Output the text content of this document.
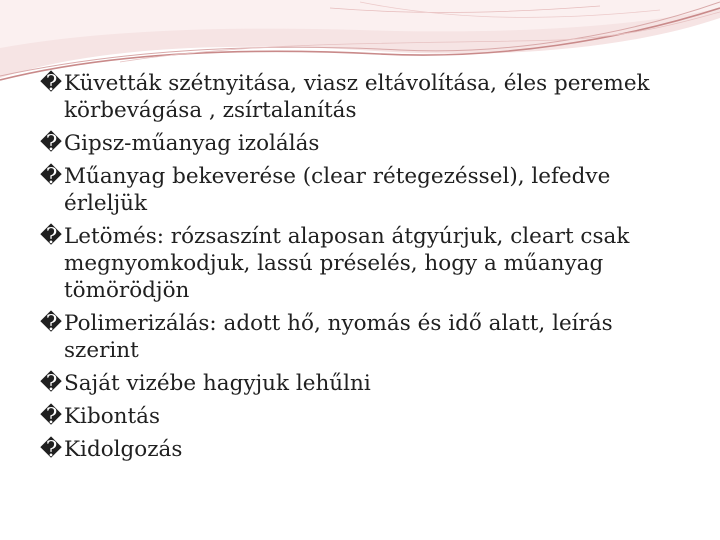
� Küvetták szétnyitása, viasz eltávolítása, éles peremek körbevágása , zsírtalanítás
� Gipsz-műanyag izolálás
� Műanyag bekeverése (clear rétegezéssel), lefedve érleljük
� Letömés: rózsaszínt alaposan átgyúrjuk, cleart csak megnyomkodjuk, lassú préselés, hogy a műanyag tömörödjön
� Polimerizálás: adott hő, nyomás és idő alatt, leírás szerint
� Saját vizébe hagyjuk lehűlni
� Kibontás
� Kidolgozás
